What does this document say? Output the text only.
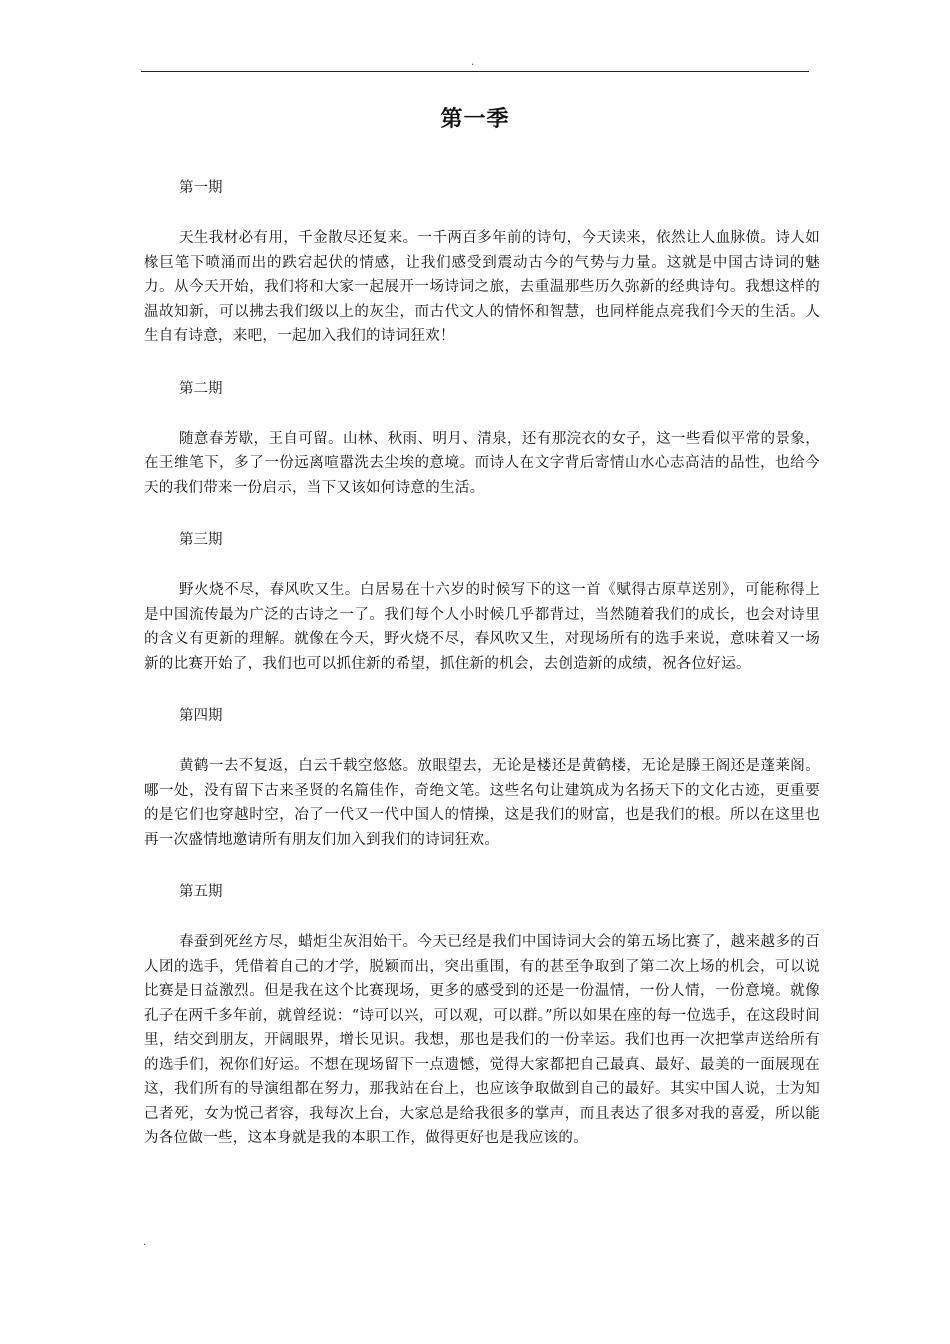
.
第一季
第一期

天生我材必有用，千金散尽还复来。一千两百多年前的诗句，今天读来，依然让人血脉偾。诗人如椽巨笔下喷涌而出的跌宕起伏的情感，让我们感受到震动古今的气势与力量。这就是中国古诗词的魅力。从今天开始，我们将和大家一起展开一场诗词之旅，去重温那些历久弥新的经典诗句。我想这样的温故知新，可以拂去我们级以上的灰尘，而古代文人的情怀和智慧，也同样能点亮我们今天的生活。人生自有诗意，来吧，一起加入我们的诗词狂欢！

第二期

随意春芳歇，王自可留。山林、秋雨、明月、清泉，还有那浣衣的女子，这一些看似平常的景象，在王维笔下，多了一份远离喧嚣洗去尘埃的意境。而诗人在文字背后寄情山水心志高洁的品性，也给今天的我们带来一份启示，当下又该如何诗意的生活。

第三期

野火烧不尽，春风吹又生。白居易在十六岁的时候写下的这一首《赋得古原草送别》，可能称得上是中国流传最为广泛的古诗之一了。我们每个人小时候几乎都背过，当然随着我们的成长，也会对诗里的含义有更新的理解。就像在今天，野火烧不尽，春风吹又生，对现场所有的选手来说，意味着又一场新的比赛开始了，我们也可以抓住新的希望，抓住新的机会，去创造新的成绩，祝各位好运。

第四期

黄鹤一去不复返，白云千载空悠悠。放眼望去，无论是楼还是黄鹤楼，无论是滕王阁还是蓬莱阁。哪一处，没有留下古来圣贤的名篇佳作，奇绝文笔。这些名句让建筑成为名扬天下的文化古迹，更重要的是它们也穿越时空，冶了一代又一代中国人的情操，这是我们的财富，也是我们的根。所以在这里也再一次盛情地邀请所有朋友们加入到我们的诗词狂欢。

第五期

春蚕到死丝方尽，蜡炬尘灰泪始干。今天已经是我们中国诗词大会的第五场比赛了，越来越多的百人团的选手，凭借着自己的才学，脱颖而出，突出重围，有的甚至争取到了第二次上场的机会，可以说比赛是日益激烈。但是我在这个比赛现场，更多的感受到的还是一份温情，一份人情，一份意境。就像孔子在两千多年前，就曾经说：“诗可以兴，可以观，可以群。”所以如果在座的每一位选手，在这段时间里，结交到朋友，开阔眼界，增长见识。我想，那也是我们的一份幸运。我们也再一次把掌声送给所有的选手们，祝你们好运。不想在现场留下一点遗憾，觉得大家都把自己最真、最好、最美的一面展现在这，我们所有的导演组都在努力，那我站在台上，也应该争取做到自己的最好。其实中国人说，士为知己者死，女为悦己者容，我每次上台，大家总是给我很多的掌声，而且表达了很多对我的喜爱，所以能为各位做一些，这本身就是我的本职工作，做得更好也是我应该的。

.
